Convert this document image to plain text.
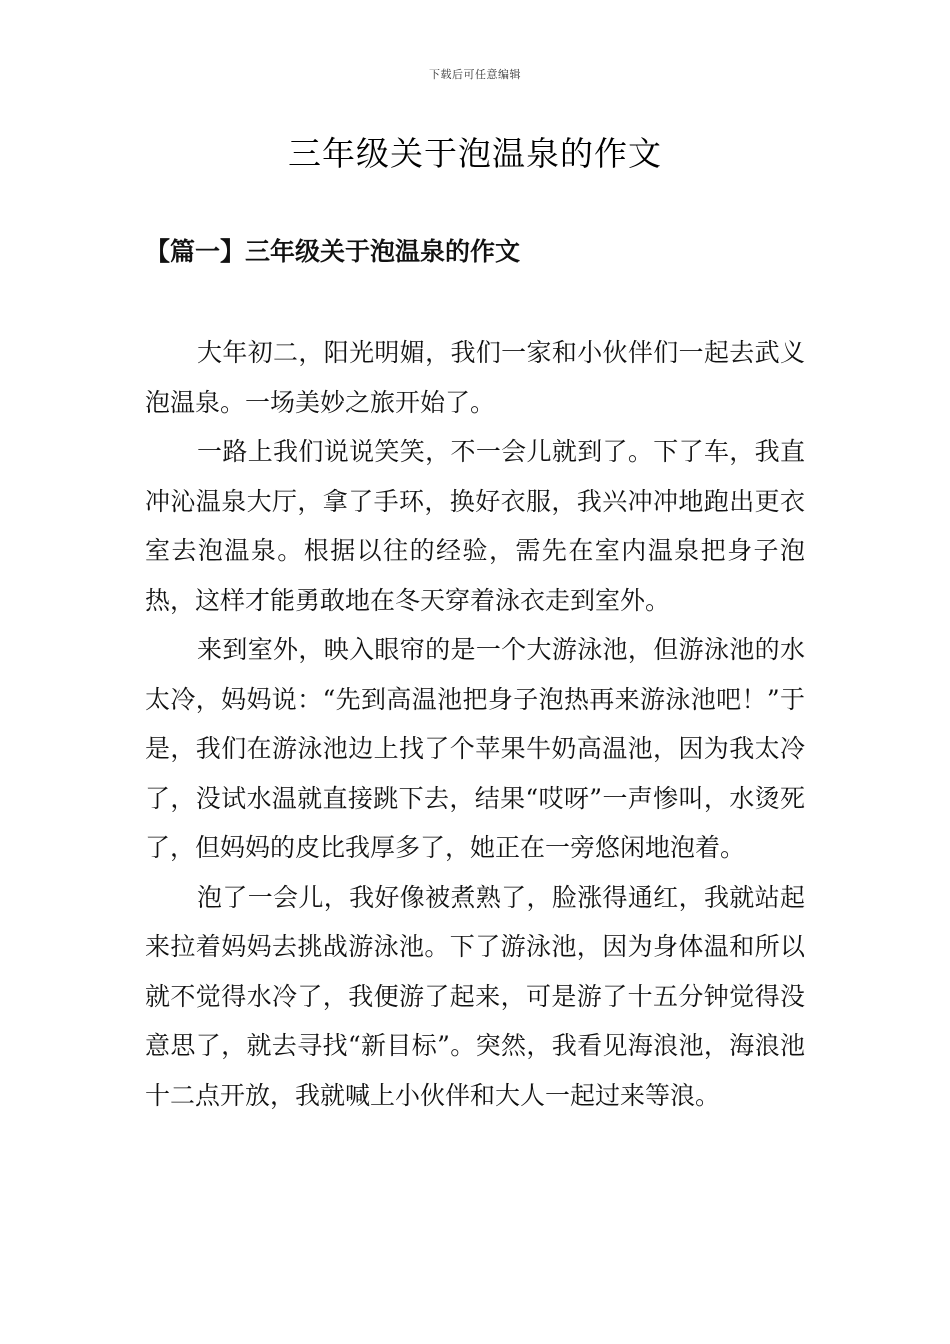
下载后可任意编辑
三年级关于泡温泉的作文
【篇一】三年级关于泡温泉的作文

大年初二，阳光明媚，我们一家和小伙伴们一起去武义泡温泉。一场美妙之旅开始了。

一路上我们说说笑笑，不一会儿就到了。下了车，我直冲沁温泉大厅，拿了手环，换好衣服，我兴冲冲地跑出更衣室去泡温泉。根据以往的经验，需先在室内温泉把身子泡热，这样才能勇敢地在冬天穿着泳衣走到室外。

来到室外，映入眼帘的是一个大游泳池，但游泳池的水太冷，妈妈说：“先到高温池把身子泡热再来游泳池吧！”于是，我们在游泳池边上找了个苹果牛奶高温池，因为我太冷了，没试水温就直接跳下去，结果“哎呀”一声惨叫，水烫死了，但妈妈的皮比我厚多了，她正在一旁悠闲地泡着。

泡了一会儿，我好像被煮熟了，脸涨得通红，我就站起来拉着妈妈去挑战游泳池。下了游泳池，因为身体温和所以就不觉得水冷了，我便游了起来，可是游了十五分钟觉得没意思了，就去寻找“新目标”。突然，我看见海浪池，海浪池十二点开放，我就喊上小伙伴和大人一起过来等浪。
